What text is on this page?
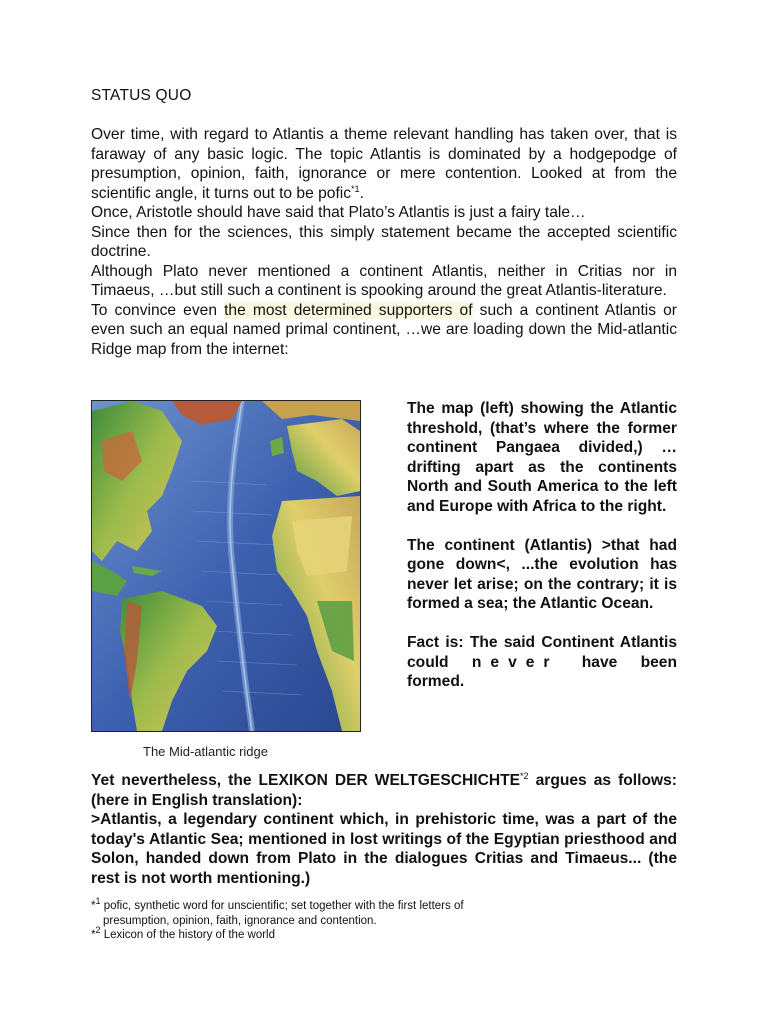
STATUS QUO

Over time, with regard to Atlantis a theme relevant handling has taken over, that is faraway of any basic logic. The topic Atlantis is dominated by a hodgepodge of presumption, opinion, faith, ignorance or mere contention. Looked at from the scientific angle, it turns out to be pofic$^{*1}$.

Once, Aristotle should have said that Plato’s Atlantis is just a fairy tale…

Since then for the sciences, this simply statement became the accepted scientific doctrine.

Although Plato never mentioned a continent Atlantis, neither in Critias nor in Timaeus, …but still such a continent is spooking around the great Atlantis-literature.

To convince even the most determined supporters of such a continent Atlantis or even such an equal named primal continent, …we are loading down the Mid-atlantic Ridge map from the internet:

The Mid-atlantic ridge

The map (left) showing the Atlantic threshold, (that’s where the former continent Pangaea divided,) …drifting apart as the continents North and South America to the left and Europe with Africa to the right.

The continent (Atlantis) >that had gone down<, ...the evolution has never let arise; on the contrary; it is formed a sea; the Atlantic Ocean.

Fact is: The said Continent Atlantis could never have been formed.

Yet nevertheless, the LEXIKON DER WELTGESCHICHTE$^{*2}$ argues as follows: (here in English translation):

>Atlantis, a legendary continent which, in prehistoric time, was a part of the today's Atlantic Sea; mentioned in lost writings of the Egyptian priesthood and Solon, handed down from Plato in the dialogues Critias and Timaeus... (the rest is not worth mentioning.)

*$^1$ pofic, synthetic word for unscientific; set together with the first letters of
presumption, opinion, faith, ignorance and contention.
*$^2$ Lexicon of the history of the world
